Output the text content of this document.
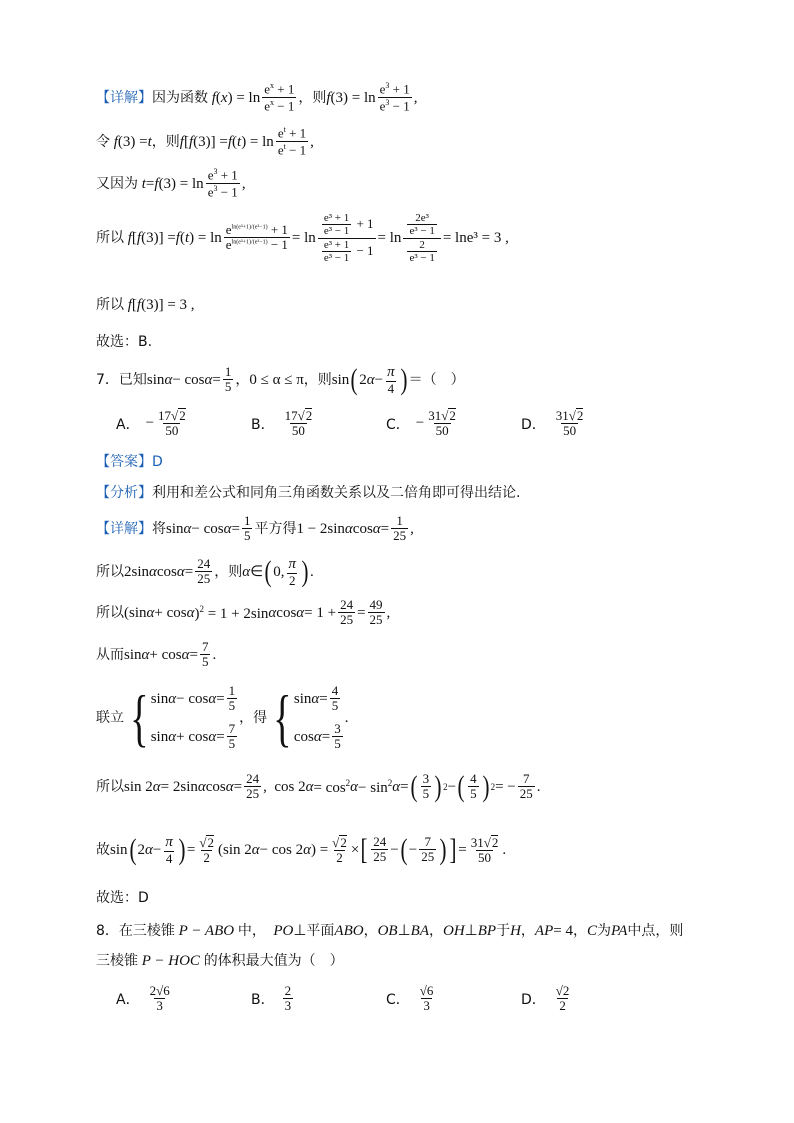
【详解】 因为函数 f ( x ) = $\ln \frac{e^x + 1}{e^x - 1}$ ，则 f $(3) = \ln \frac{e^3 + 1}{e^3 - 1}$ ,
令 f (3) = t ，则 f [ f (3)] = f ( t ) = $\ln \frac{e^t + 1}{e^t - 1}$ ,
又因为 t = f $(3) = \ln \frac{e^3 + 1}{e^3 - 1}$ ,
所以 f [ f (3)] = f ( t ) = $\ln \frac{e^{ln(e^3+1)/(e^3-1)} + 1}{e^{ln(e^3+1)/(e^3-1)} - 1} = \ln \frac{\frac{\text{e³ + 1}}{\text{e³ − 1}} + 1}{\frac{\text{e³ + 1}}{\text{e³ − 1}} - 1} = \ln \frac{\frac{\text{2e³}}{\text{e³ − 1}}}{\frac{2}{\text{e³ − 1}}} = \ln e^3 = 3$ ,
所以 f [ f (3)] = 3 ,
故选：B.
7．已知 $\sin \alpha - \cos \alpha = \frac{1}{5}$ ， 0 ≤ α ≤ π ，则 sin ( 2 $\alpha - \frac{\pi}{4}$ ) ＝（　）
A． − $\frac{17√2}{50}$	B． $\frac{17√2}{50}$	C． − $\frac{31√2}{50}$	D． $\frac{31√2}{50}$
【答案】D
【分析】 利用和差公式和同角三角函数关系以及二倍角即可得出结论.
【详解】 将 $\sin \alpha - \cos \alpha = \frac{1}{5}$ 平方得 1 − 2sin α $\cos \alpha = \frac{1}{25}$ ,
所以 2sin α $\cos \alpha = \frac{24}{25}$ ，则 α ∈ ( 0, $\frac{\pi}{2}$ ) .
所以 (sin α + cos α )$^2$ = 1 + 2sin α $\cos \alpha = 1 + \frac{24}{25} = \frac{49}{25}$ ,
从而 $\sin \alpha + \cos \alpha = \frac{7}{5}$ .
联立 { $\sin \alpha - \cos \alpha = \frac{1}{5}$
$\sin \alpha + \cos \alpha = \frac{7}{5}$
，得 { $\sin \alpha = \frac{4}{5}$
$\cos \alpha = \frac{3}{5}$
.
所以 sin 2 α = 2sin α $\cos \alpha = \frac{24}{25}$ ,  cos 2 $\alpha = \cos^2 \alpha - \sin^2 \alpha$ = ( $\frac{3}{5}$ ) 2 − ( $\frac{4}{5}$ ) 2 = − $\frac{7}{25}$ .
故 sin ( 2 $\alpha - \frac{\pi}{4}$ ) = $\frac{√2}{2} (\sin$ 2 α − cos 2 α ) = $\frac{√2}{2}$ × [ $\frac{24}{25}$ − ( − $\frac{7}{25}$ ) ] = $\frac{31√2}{50}$ .
故选：D
8．在三棱锥 P − ABO 中， PO ⊥ 平面 ABO ， OB ⊥ BA ， OH ⊥ BP 于 H ， AP = 4 ， C 为 PA 中点，则
三棱锥 P − HOC 的体积最大值为（　）
A． $\frac{2√6}{3}$	B． $\frac{2}{3}$	C． $\frac{√6}{3}$	D． $\frac{√2}{2}$
